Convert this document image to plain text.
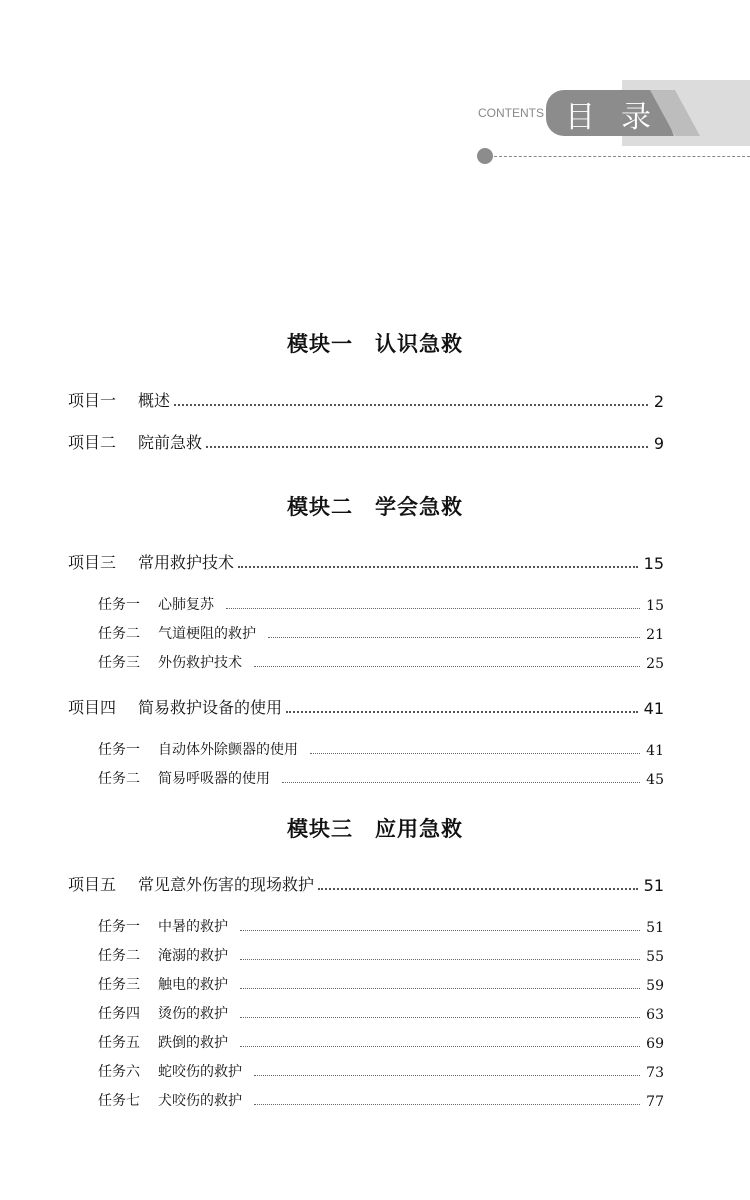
CONTENTS 目录
模块一　认识急救
项目一 概述	2
项目二 院前急救	9
模块二　学会急救
项目三 常用救护技术	15
任务一 心肺复苏	15
任务二 气道梗阻的救护	21
任务三 外伤救护技术	25
项目四 简易救护设备的使用	41
任务一 自动体外除颤器的使用	41
任务二 简易呼吸器的使用	45
模块三　应用急救
项目五 常见意外伤害的现场救护	51
任务一 中暑的救护	51
任务二 淹溺的救护	55
任务三 触电的救护	59
任务四 烫伤的救护	63
任务五 跌倒的救护	69
任务六 蛇咬伤的救护	73
任务七 犬咬伤的救护	77
